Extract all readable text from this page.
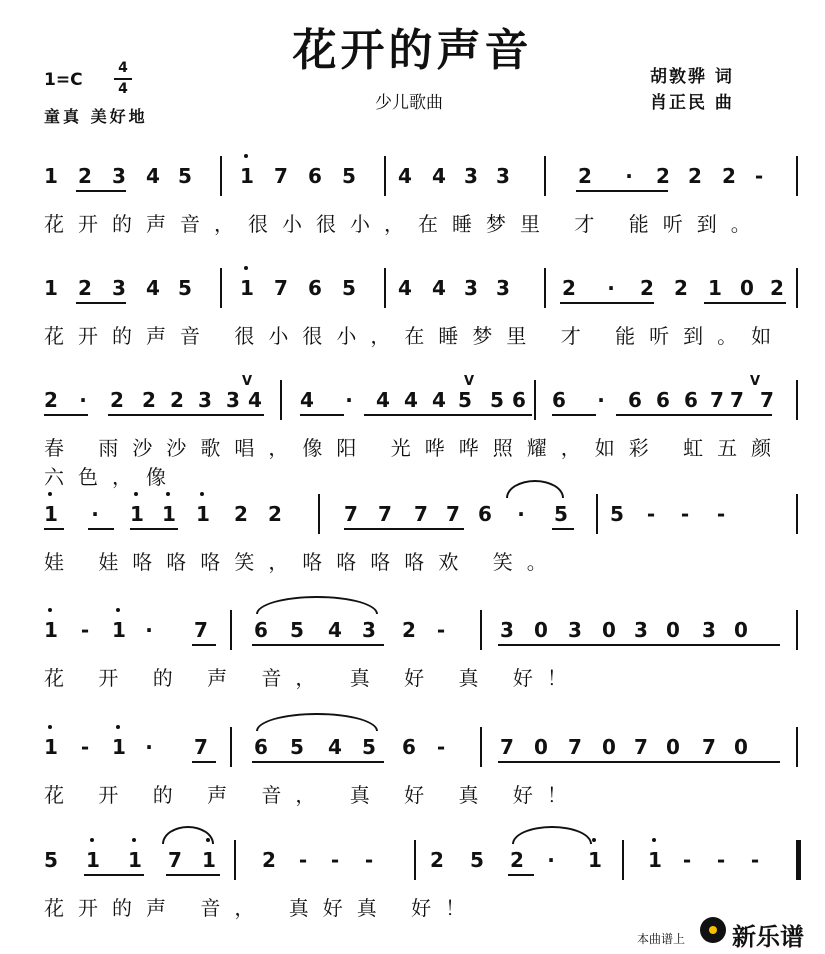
花开的声音
少儿歌曲
胡敦骅 词
肖正民 曲
1=C
4
4
童真 美好地
1 2 3 4 5 1 7 6 5 4 4 3 3	2 · 2 2 2 -
花开的声音，很小很小，在睡梦里 才 能听到。
1 2 3 4 5 1 7 6 5 4 4 3 3	2 · 2 2 1 0 2
花开的声音 很小很小，在睡梦里 才 能听到。如
2 · 2 2 2 3 3 4 4 · 4 4 4 5 5 6 6 · 6 6 6 7 7 7
V	V	V
春 雨沙沙歌唱，像阳 光哗哗照耀，如彩 虹五颜六色，像
1 · 1 1 1 2 2	7 7 7 7 6 · 5 5 - - -
娃 娃咯咯咯笑，咯咯咯咯欢 笑。
1 - 1 · 7 6 5 4 3 2 -	3 0 3 0 3 0 3 0
花 开 的 声 音， 真 好 真 好！
1 - 1 · 7 6 5 4 5 6 -	7 0 7 0 7 0 7 0
花 开 的 声 音， 真 好 真 好！
5 1 1 7 1 2 - - -	2 5 2 · 1 1 - - -
花开的声 音， 真好真 好！
本曲谱上 新乐谱
